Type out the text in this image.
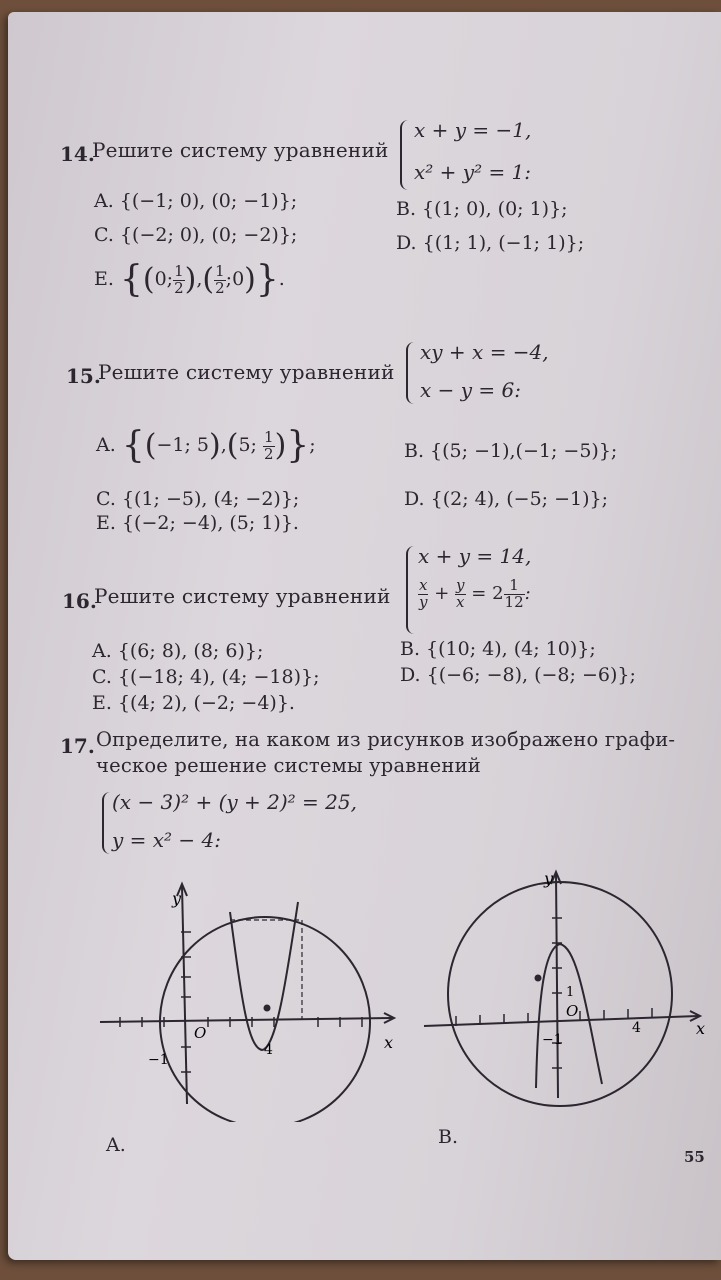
14.
Решите систему уравнений
x + y = −1,
x² + y² = 1:
A. {(−1; 0), (0; −1)};	B. {(1; 0), (0; 1)};
C. {(−2; 0), (0; −2)};	D. {(1; 1), (−1; 1)};
E. {(0; $\frac{1}{2}$ ),( $\frac{1}{2}$ ;0)}.
15.
Решите систему уравнений
xy + x = −4,
x − y = 6:
A. {(−1; 5),(5; $\frac{1}{2}$ )};	B. {(5; −1),(−1; −5)};
C. {(1; −5), (4; −2)};	D. {(2; 4), (−5; −1)};
E. {(−2; −4), (5; 1)}.
16.
Решите систему уравнений
x + y = 14,
$\frac{x}{y} + \frac{y}{x} = 2 \frac{1}{12}$ :
A. {(6; 8), (8; 6)};	B. {(10; 4), (4; 10)};
C. {(−18; 4), (4; −18)};	D. {(−6; −8), (−8; −6)};
E. {(4; 2), (−2; −4)}.
17. Определите, на каком из рисунков изображено графи-
ческое решение системы уравнений
(x − 3)² + (y + 2)² = 25,
y = x² − 4:
y
x
O
−1
4
A.
y
x
O
−1
1
4
B.
55
